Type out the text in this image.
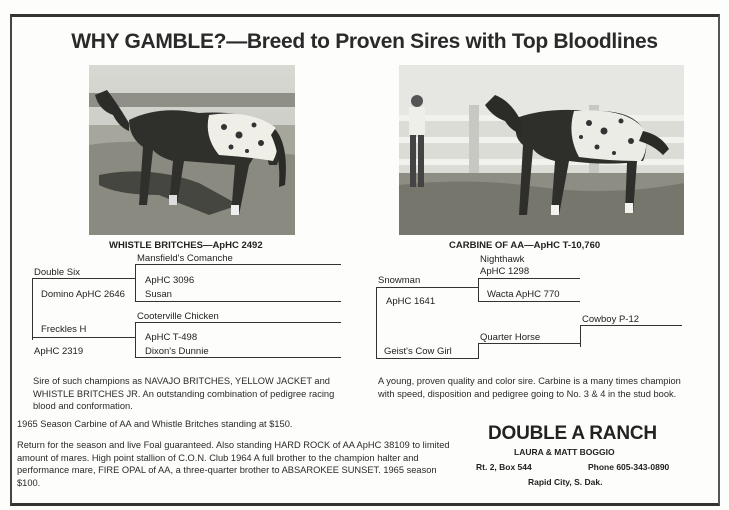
WHY GAMBLE?—Breed to Proven Sires with Top Bloodlines
WHISTLE BRITCHES—ApHC 2492	CARBINE OF AA—ApHC T-10,760
Mansfield's Comanche
Double Six
ApHC 3096
Domino ApHC 2646 Susan
Cooterville Chicken
Freckles H
ApHC T-498
Dixon's Dunnie
ApHC 2319
Nighthawk
ApHC 1298
Snowman
ApHC 1641
Wacta ApHC 770
Cowboy P-12
Quarter Horse
Geist's Cow Girl
Sire of such champions as NAVAJO BRITCHES, YELLOW JACKET and WHISTLE BRITCHES JR. An outstanding combination of pedigree racing blood and conformation.
A young, proven quality and color sire. Carbine is a many times champion with speed, disposition and pedigree going to No. 3 & 4 in the stud book.
1965 Season Carbine of AA and Whistle Britches standing at $150.
Return for the season and live Foal guaranteed. Also standing HARD ROCK of AA ApHC 38109 to limited amount of mares. High point stallion of C.O.N. Club 1964 A full brother to the champion halter and performance mare, FIRE OPAL of AA, a three-quarter brother to ABSAROKEE SUNSET. 1965 season $100.
DOUBLE A RANCH
LAURA & MATT BOGGIO
Rt. 2, Box 544	Phone 605-343-0890
Rapid City, S. Dak.
